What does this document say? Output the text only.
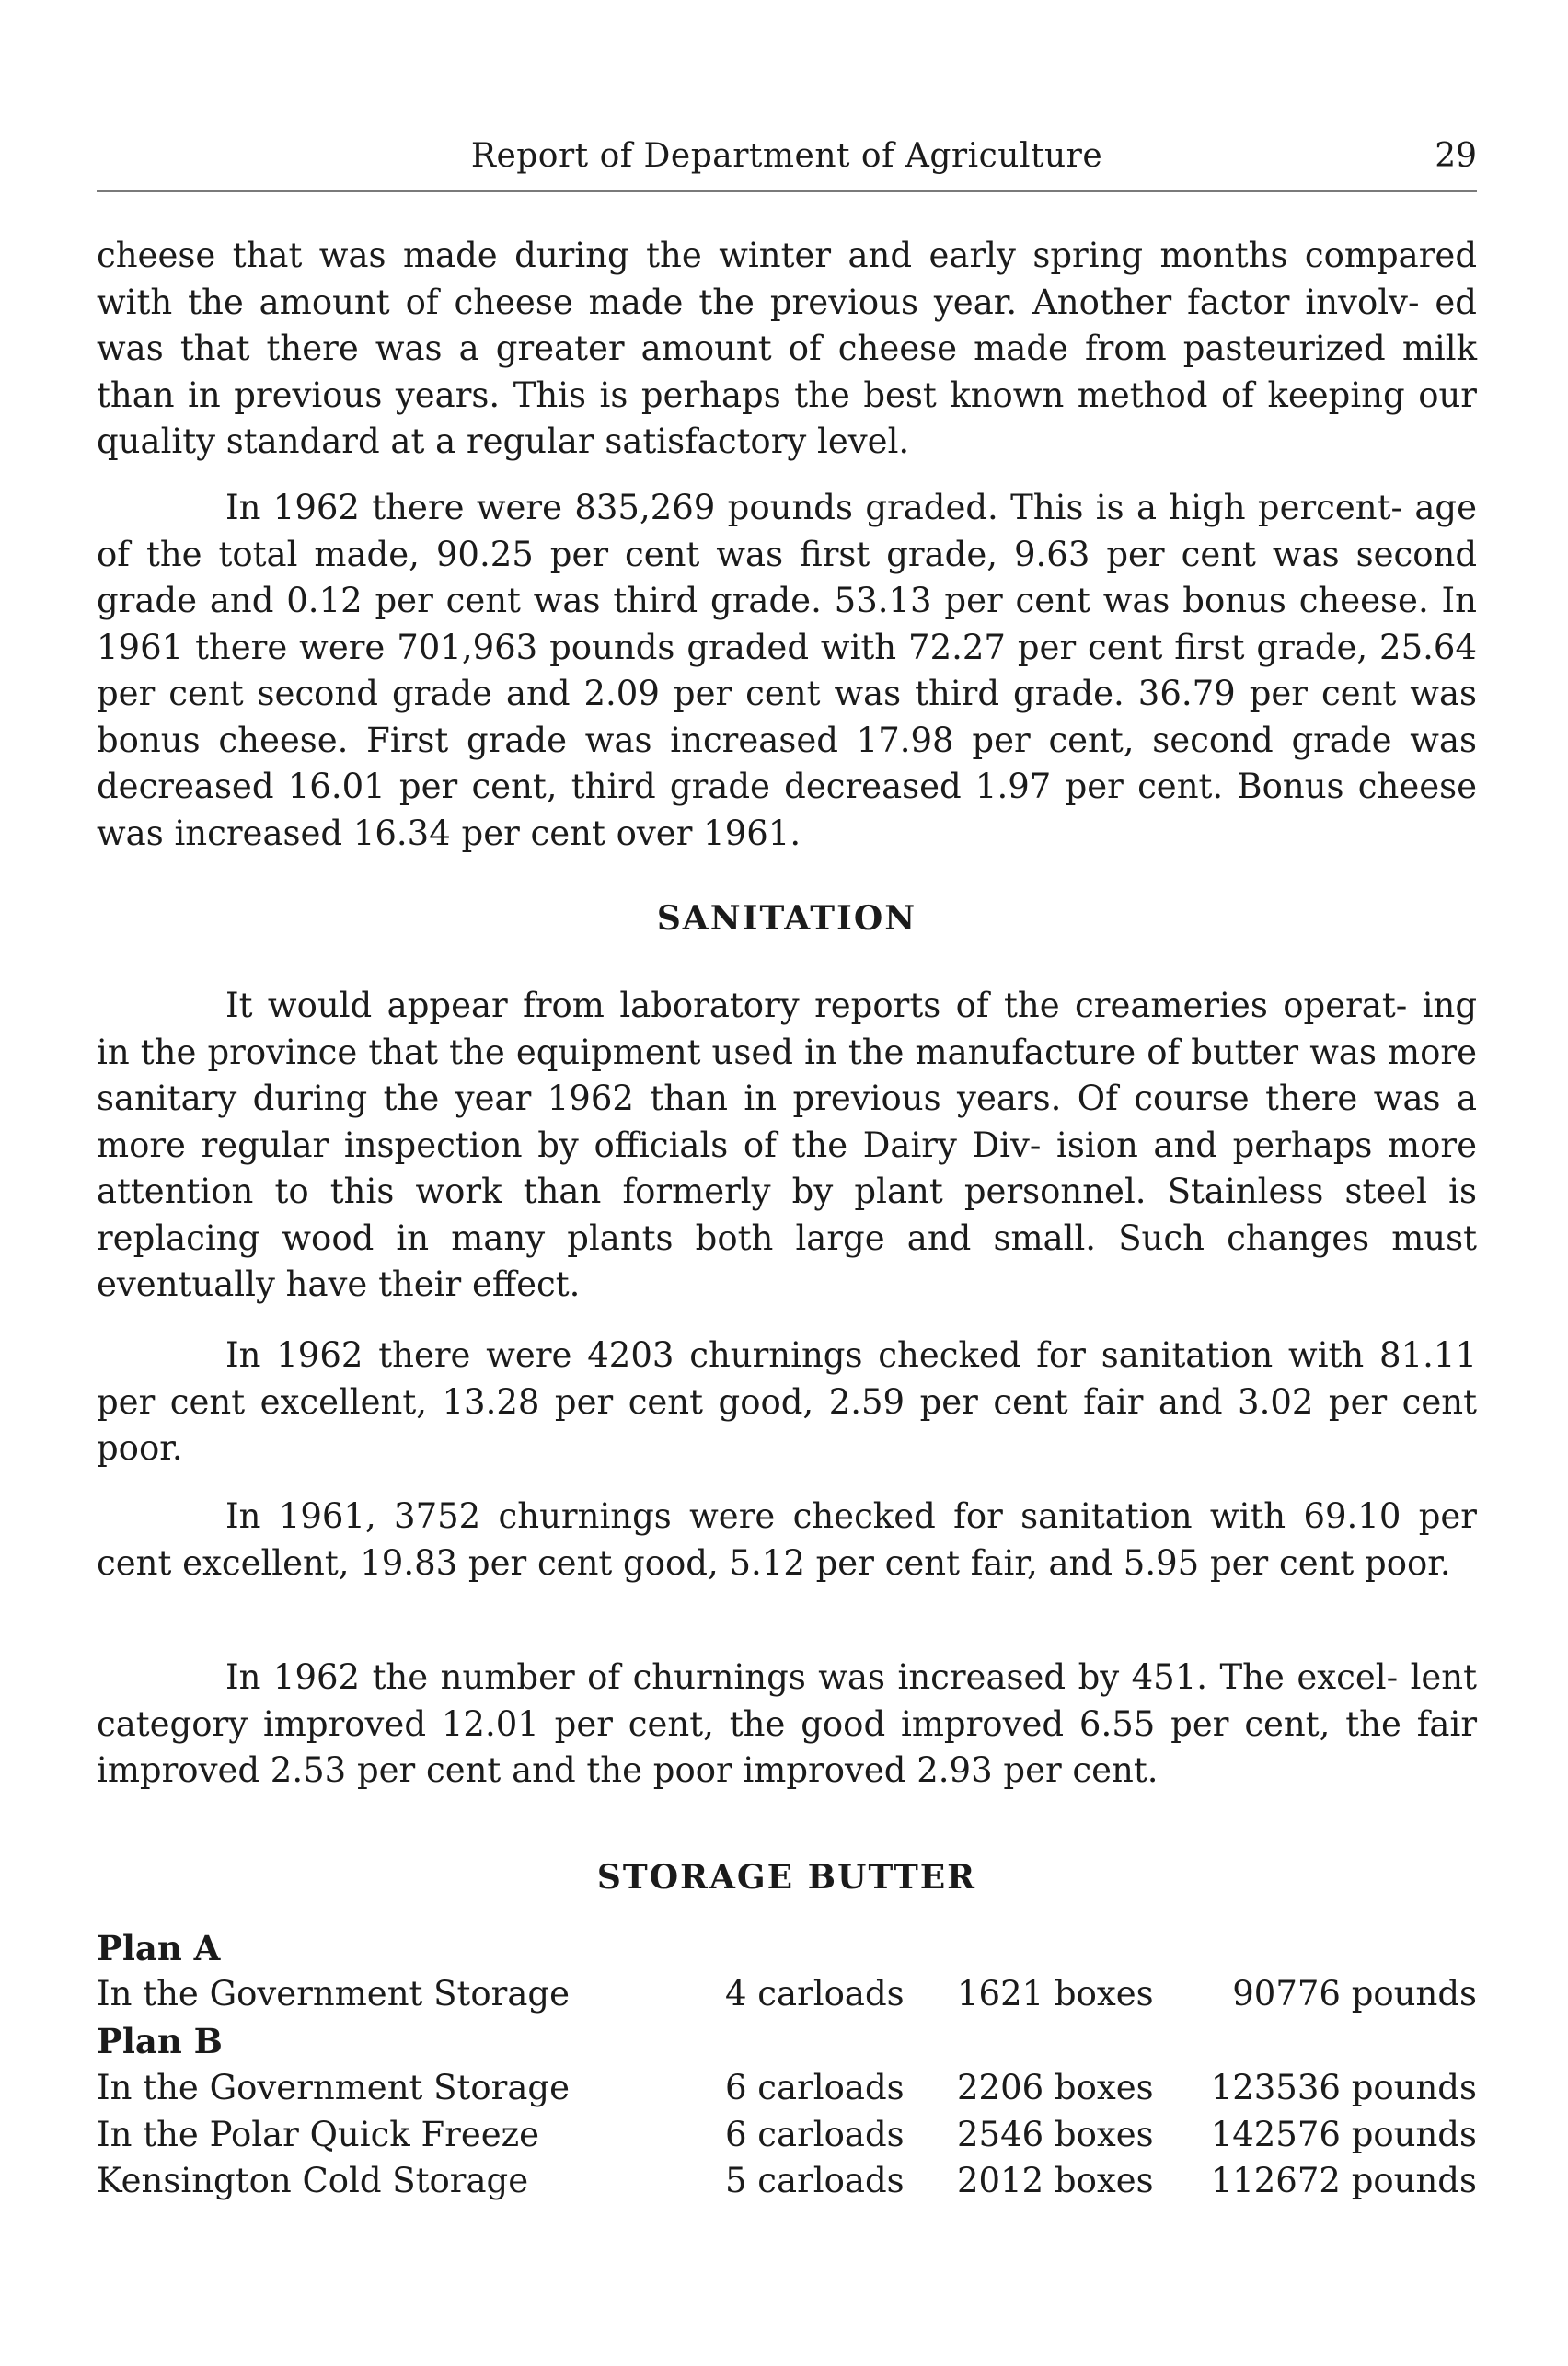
Report of Department of Agriculture	29

cheese that was made during the winter and early spring months compared with the amount of cheese made the previous year. Another factor involv- ed was that there was a greater amount of cheese made from pasteurized milk than in previous years. This is perhaps the best known method of keeping our quality standard at a regular satisfactory level.

In 1962 there were 835,269 pounds graded. This is a high percent- age of the total made, 90.25 per cent was first grade, 9.63 per cent was second grade and 0.12 per cent was third grade. 53.13 per cent was bonus cheese. In 1961 there were 701,963 pounds graded with 72.27 per cent first grade, 25.64 per cent second grade and 2.09 per cent was third grade. 36.79 per cent was bonus cheese. First grade was increased 17.98 per cent, second grade was decreased 16.01 per cent, third grade decreased 1.97 per cent. Bonus cheese was increased 16.34 per cent over 1961.

SANITATION

It would appear from laboratory reports of the creameries operat- ing in the province that the equipment used in the manufacture of butter was more sanitary during the year 1962 than in previous years. Of course there was a more regular inspection by officials of the Dairy Div- ision and perhaps more attention to this work than formerly by plant personnel. Stainless steel is replacing wood in many plants both large and small. Such changes must eventually have their effect.

In 1962 there were 4203 churnings checked for sanitation with 81.11 per cent excellent, 13.28 per cent good, 2.59 per cent fair and 3.02 per cent poor.

In 1961, 3752 churnings were checked for sanitation with 69.10 per cent excellent, 19.83 per cent good, 5.12 per cent fair, and 5.95 per cent poor.

In 1962 the number of churnings was increased by 451. The excel- lent category improved 12.01 per cent, the good improved 6.55 per cent, the fair improved 2.53 per cent and the poor improved 2.93 per cent.

STORAGE BUTTER

Plan A

In the Government Storage	4 carloads 1621 boxes 90776 pounds

Plan B

In the Government Storage	6 carloads 2206 boxes 123536 pounds
In the Polar Quick Freeze	6 carloads 2546 boxes 142576 pounds
Kensington Cold Storage	5 carloads 2012 boxes 112672 pounds
